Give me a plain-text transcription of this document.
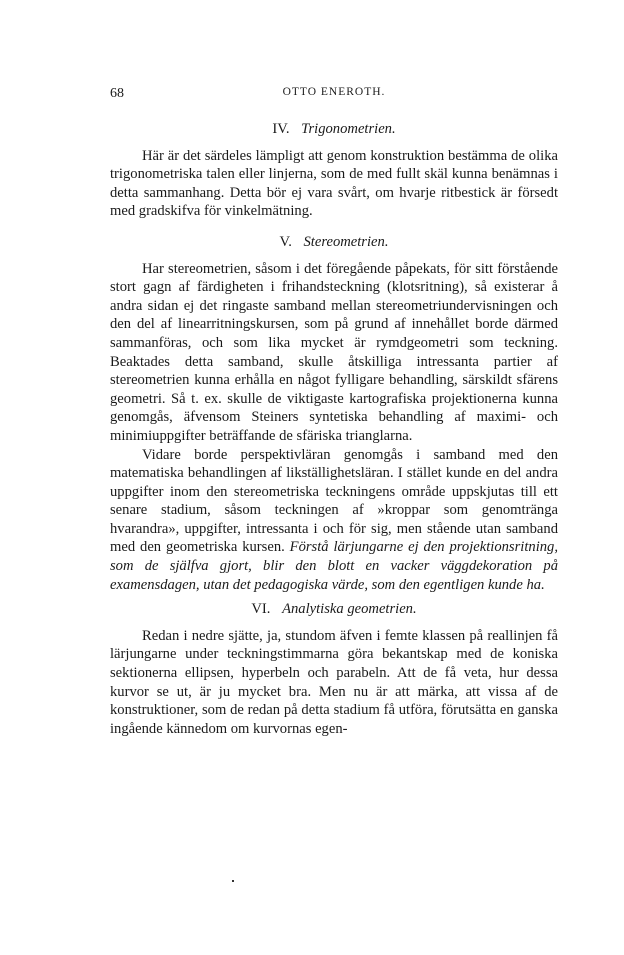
68	OTTO ENEROTH.
IV. Trigonometrien.

Här är det särdeles lämpligt att genom konstruktion bestämma de olika trigonometriska talen eller linjerna, som de med fullt skäl kunna benämnas i detta sammanhang. Detta bör ej vara svårt, om hvarje ritbestick är försedt med gradskifva för vinkelmätning.

V. Stereometrien.

Har stereometrien, såsom i det föregående påpekats, för sitt förstående stort gagn af färdigheten i frihandsteckning (klotsritning), så existerar å andra sidan ej det ringaste samband mellan stereometriundervisningen och den del af linearritningskursen, som på grund af innehållet borde därmed sammanföras, och som lika mycket är rymdgeometri som teckning. Beaktades detta samband, skulle åtskilliga intressanta partier af stereometrien kunna erhålla en något fylligare behandling, särskildt sfärens geometri. Så t. ex. skulle de viktigaste kartografiska projektionerna kunna genomgås, äfvensom Steiners syntetiska behandling af maximi- och minimiuppgifter beträffande de sfäriska trianglarna.

Vidare borde perspektivläran genomgås i samband med den matematiska behandlingen af likställighetsläran. I stället kunde en del andra uppgifter inom den stereometriska teckningens område uppskjutas till ett senare stadium, såsom teckningen af »kroppar som genomtränga hvarandra», uppgifter, intressanta i och för sig, men stående utan samband med den geometriska kursen. Förstå lärjungarne ej den projektionsritning, som de själfva gjort, blir den blott en vacker väggdekoration på examensdagen, utan det pedagogiska värde, som den egentligen kunde ha.

VI. Analytiska geometrien.

Redan i nedre sjätte, ja, stundom äfven i femte klassen på reallinjen få lärjungarne under teckningstimmarna göra bekantskap med de koniska sektionerna ellipsen, hyperbeln och parabeln. Att de få veta, hur dessa kurvor se ut, är ju mycket bra. Men nu är att märka, att vissa af de konstruktioner, som de redan på detta stadium få utföra, förutsätta en ganska ingående kännedom om kurvornas egen-
